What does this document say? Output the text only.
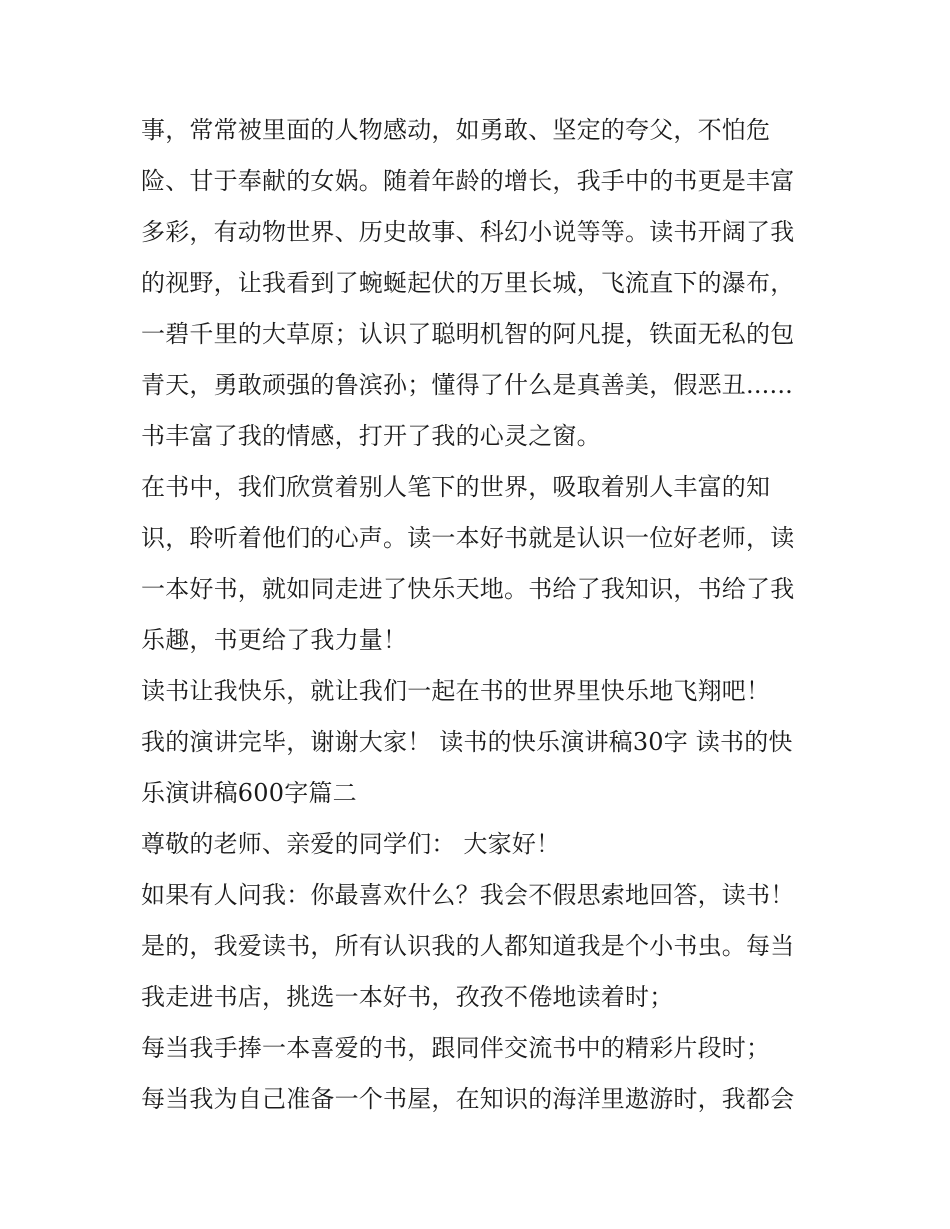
事，常常被里面的人物感动，如勇敢、坚定的夸父，不怕危
险、甘于奉献的女娲。随着年龄的增长，我手中的书更是丰富
多彩，有动物世界、历史故事、科幻小说等等。读书开阔了我
的视野，让我看到了蜿蜒起伏的万里长城，飞流直下的瀑布，
一碧千里的大草原；认识了聪明机智的阿凡提，铁面无私的包
青天，勇敢顽强的鲁滨孙；懂得了什么是真善美，假恶丑......
书丰富了我的情感，打开了我的心灵之窗。
在书中，我们欣赏着别人笔下的世界，吸取着别人丰富的知
识，聆听着他们的心声。读一本好书就是认识一位好老师，读
一本好书，就如同走进了快乐天地。书给了我知识，书给了我
乐趣，书更给了我力量！
读书让我快乐，就让我们一起在书的世界里快乐地飞翔吧！
我的演讲完毕，谢谢大家！ 读书的快乐演讲稿30字 读书的快
乐演讲稿600字篇二
尊敬的老师、亲爱的同学们： 大家好！
如果有人问我：你最喜欢什么？我会不假思索地回答，读书！
是的，我爱读书，所有认识我的人都知道我是个小书虫。每当
我走进书店，挑选一本好书，孜孜不倦地读着时；
每当我手捧一本喜爱的书，跟同伴交流书中的精彩片段时；
每当我为自己准备一个书屋，在知识的海洋里遨游时，我都会
